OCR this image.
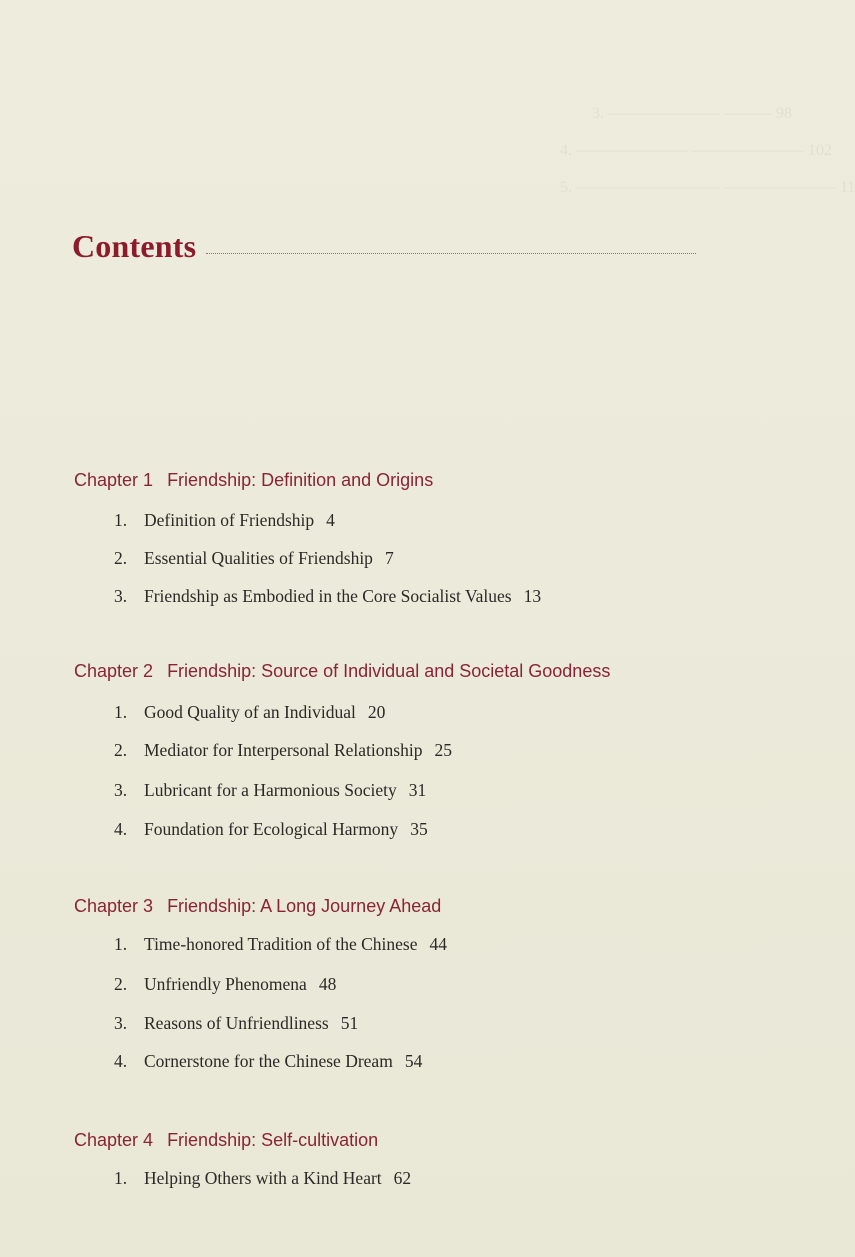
3. ——————— ——— 98
4. ——————— ——————— 102
5. ————————— ——————— 11
Contents
Chapter 1 Friendship: Definition and Origins
1. Definition of Friendship 4
2. Essential Qualities of Friendship 7
3. Friendship as Embodied in the Core Socialist Values 13
Chapter 2 Friendship: Source of Individual and Societal Goodness
1. Good Quality of an Individual 20
2. Mediator for Interpersonal Relationship 25
3. Lubricant for a Harmonious Society 31
4. Foundation for Ecological Harmony 35
Chapter 3 Friendship: A Long Journey Ahead
1. Time-honored Tradition of the Chinese 44
2. Unfriendly Phenomena 48
3. Reasons of Unfriendliness 51
4. Cornerstone for the Chinese Dream 54
Chapter 4 Friendship: Self-cultivation
1. Helping Others with a Kind Heart 62
